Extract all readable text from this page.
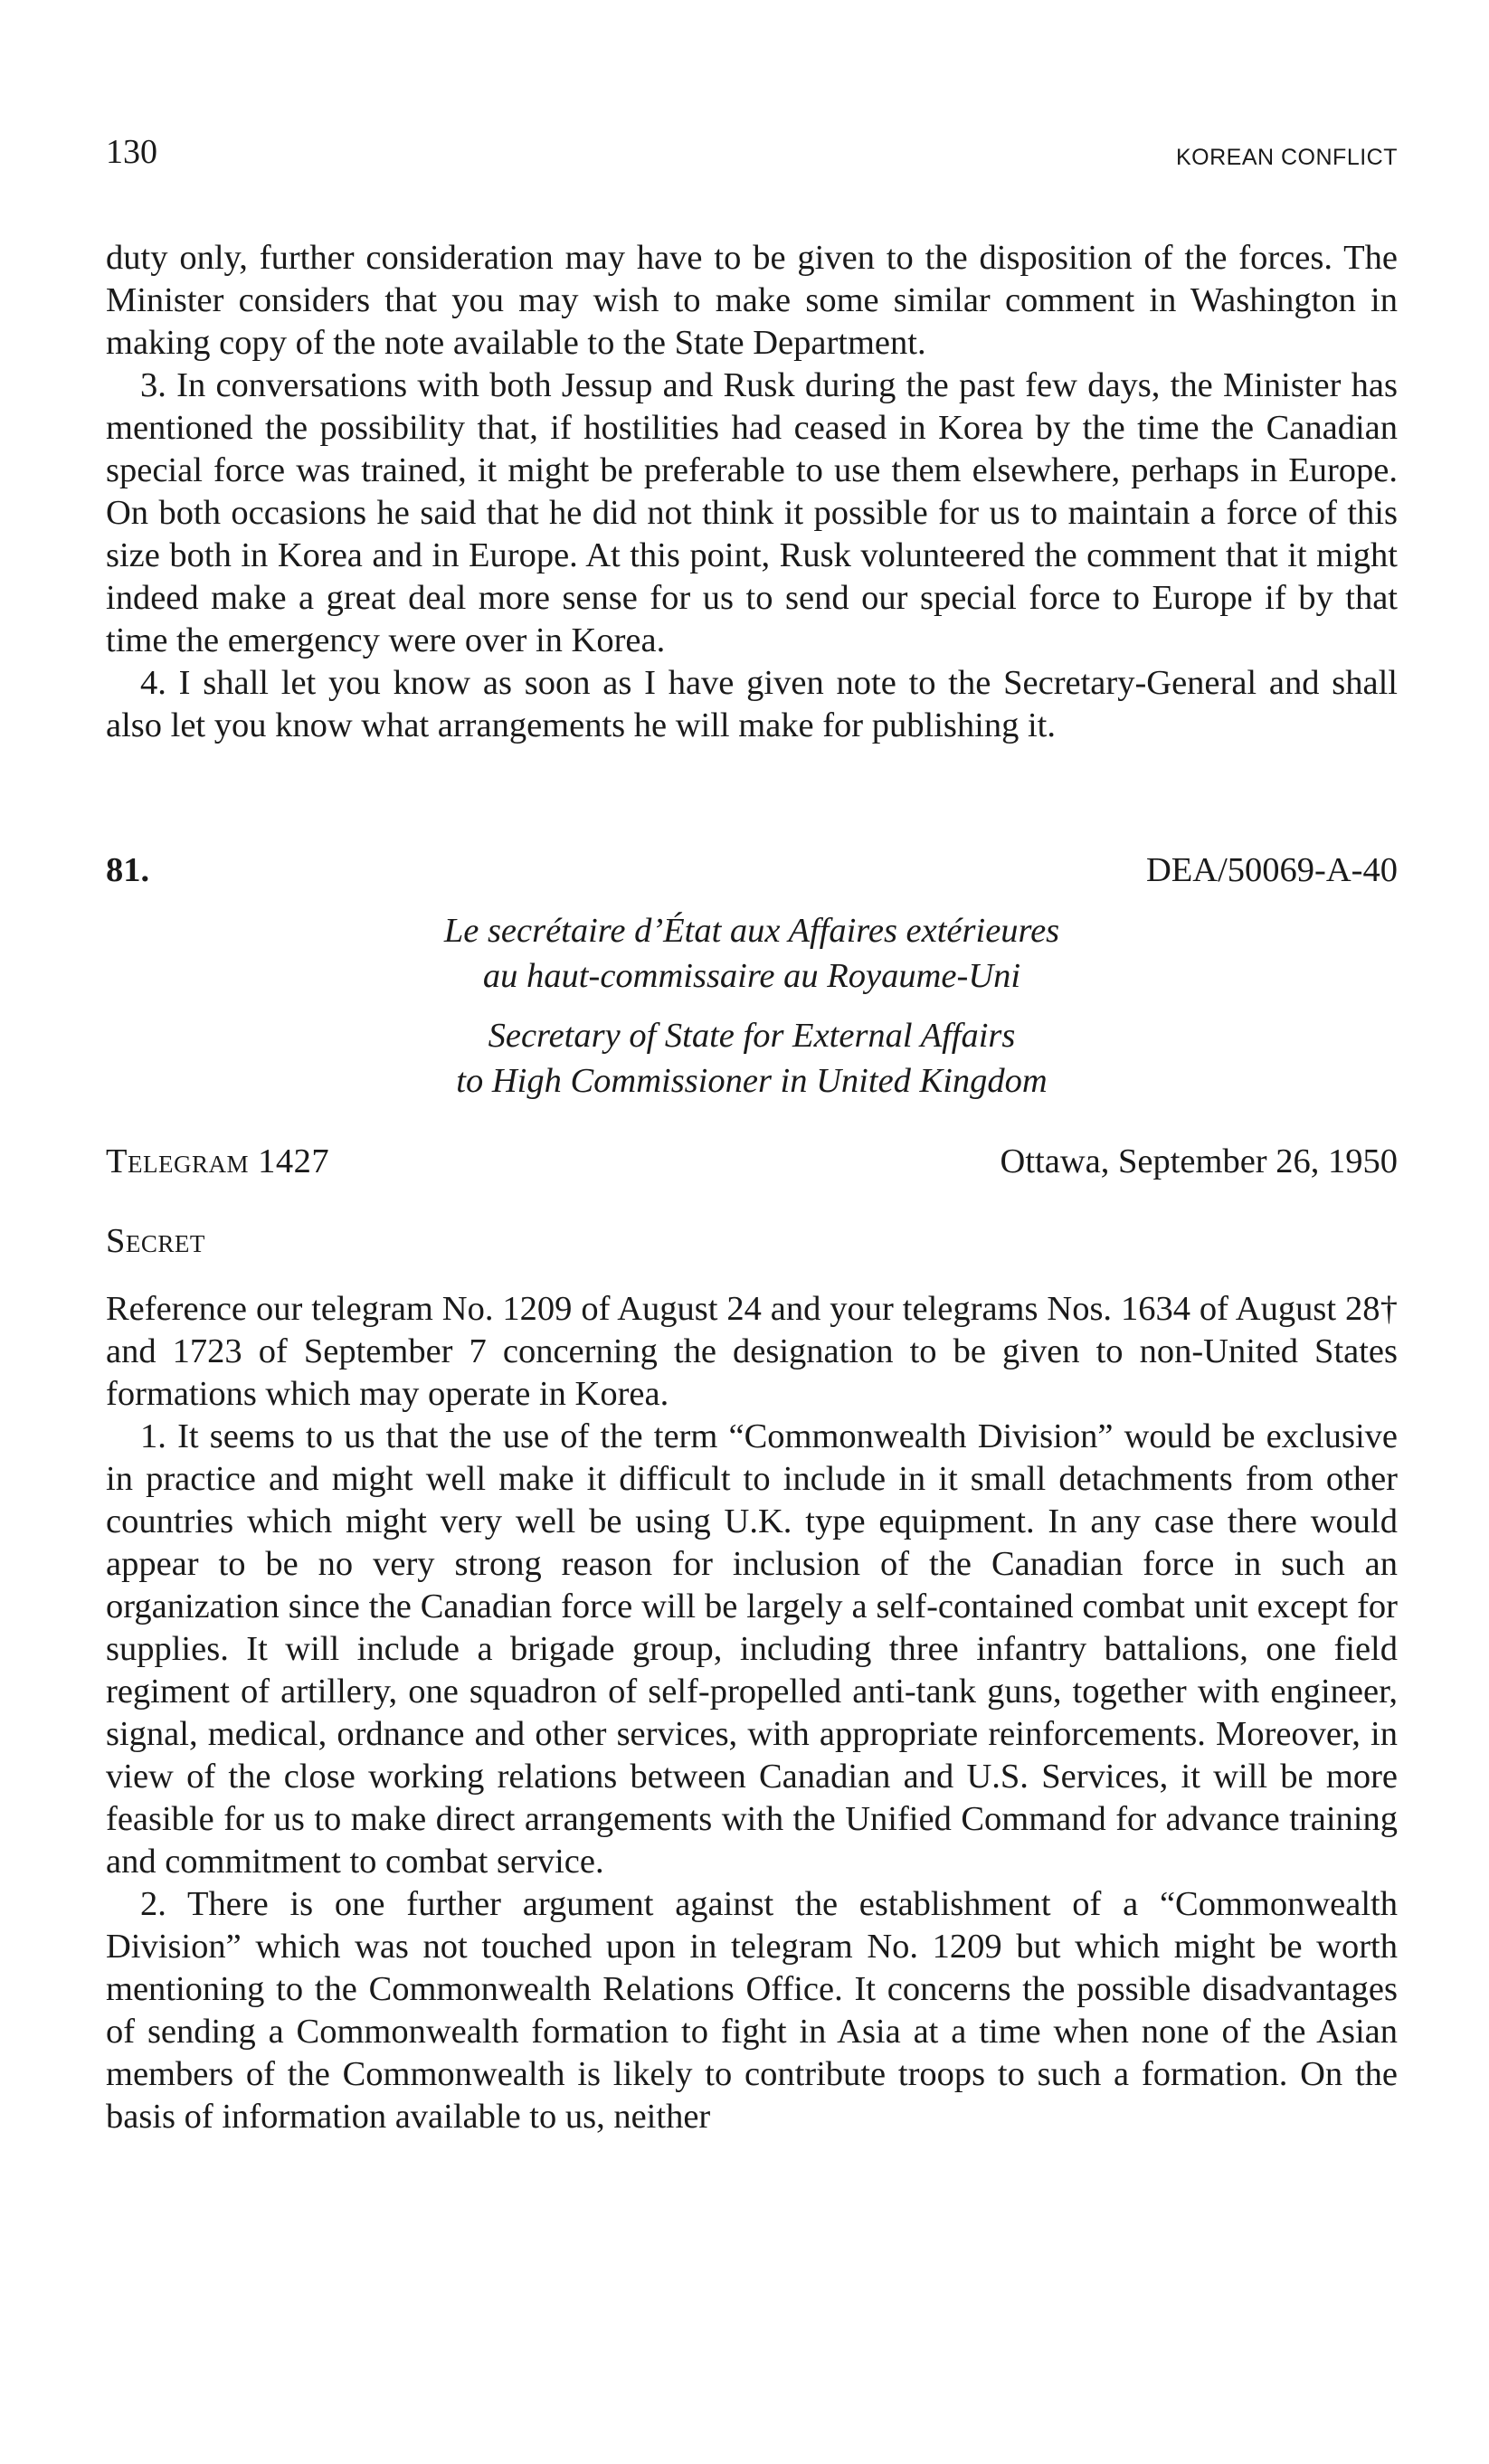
130	KOREAN CONFLICT

duty only, further consideration may have to be given to the disposition of the forces. The Minister considers that you may wish to make some similar comment in Washington in making copy of the note available to the State Department.

3. In conversations with both Jessup and Rusk during the past few days, the Minister has mentioned the possibility that, if hostilities had ceased in Korea by the time the Canadian special force was trained, it might be preferable to use them elsewhere, perhaps in Europe. On both occasions he said that he did not think it possible for us to maintain a force of this size both in Korea and in Europe. At this point, Rusk volunteered the comment that it might indeed make a great deal more sense for us to send our special force to Europe if by that time the emergency were over in Korea.

4. I shall let you know as soon as I have given note to the Secretary-General and shall also let you know what arrangements he will make for publishing it.

81.	DEA/50069-A-40
Le secrétaire d’État aux Affaires extérieures
au haut-commissaire au Royaume-Uni
Secretary of State for External Affairs
to High Commissioner in United Kingdom
Telegram 1427	Ottawa, September 26, 1950
Secret

Reference our telegram No. 1209 of August 24 and your telegrams Nos. 1634 of August 28† and 1723 of September 7 concerning the designation to be given to non-United States formations which may operate in Korea.

1. It seems to us that the use of the term “Commonwealth Division” would be exclusive in practice and might well make it difficult to include in it small detachments from other countries which might very well be using U.K. type equipment. In any case there would appear to be no very strong reason for inclusion of the Canadian force in such an organization since the Canadian force will be largely a self-contained combat unit except for supplies. It will include a brigade group, including three infantry battalions, one field regiment of artillery, one squadron of self-propelled anti-tank guns, together with engineer, signal, medical, ordnance and other services, with appropriate reinforcements. Moreover, in view of the close working relations between Canadian and U.S. Services, it will be more feasible for us to make direct arrangements with the Unified Command for advance training and commitment to combat service.

2. There is one further argument against the establishment of a “Commonwealth Division” which was not touched upon in telegram No. 1209 but which might be worth mentioning to the Commonwealth Relations Office. It concerns the possible disadvantages of sending a Commonwealth formation to fight in Asia at a time when none of the Asian members of the Commonwealth is likely to contribute troops to such a formation. On the basis of information available to us, neither
